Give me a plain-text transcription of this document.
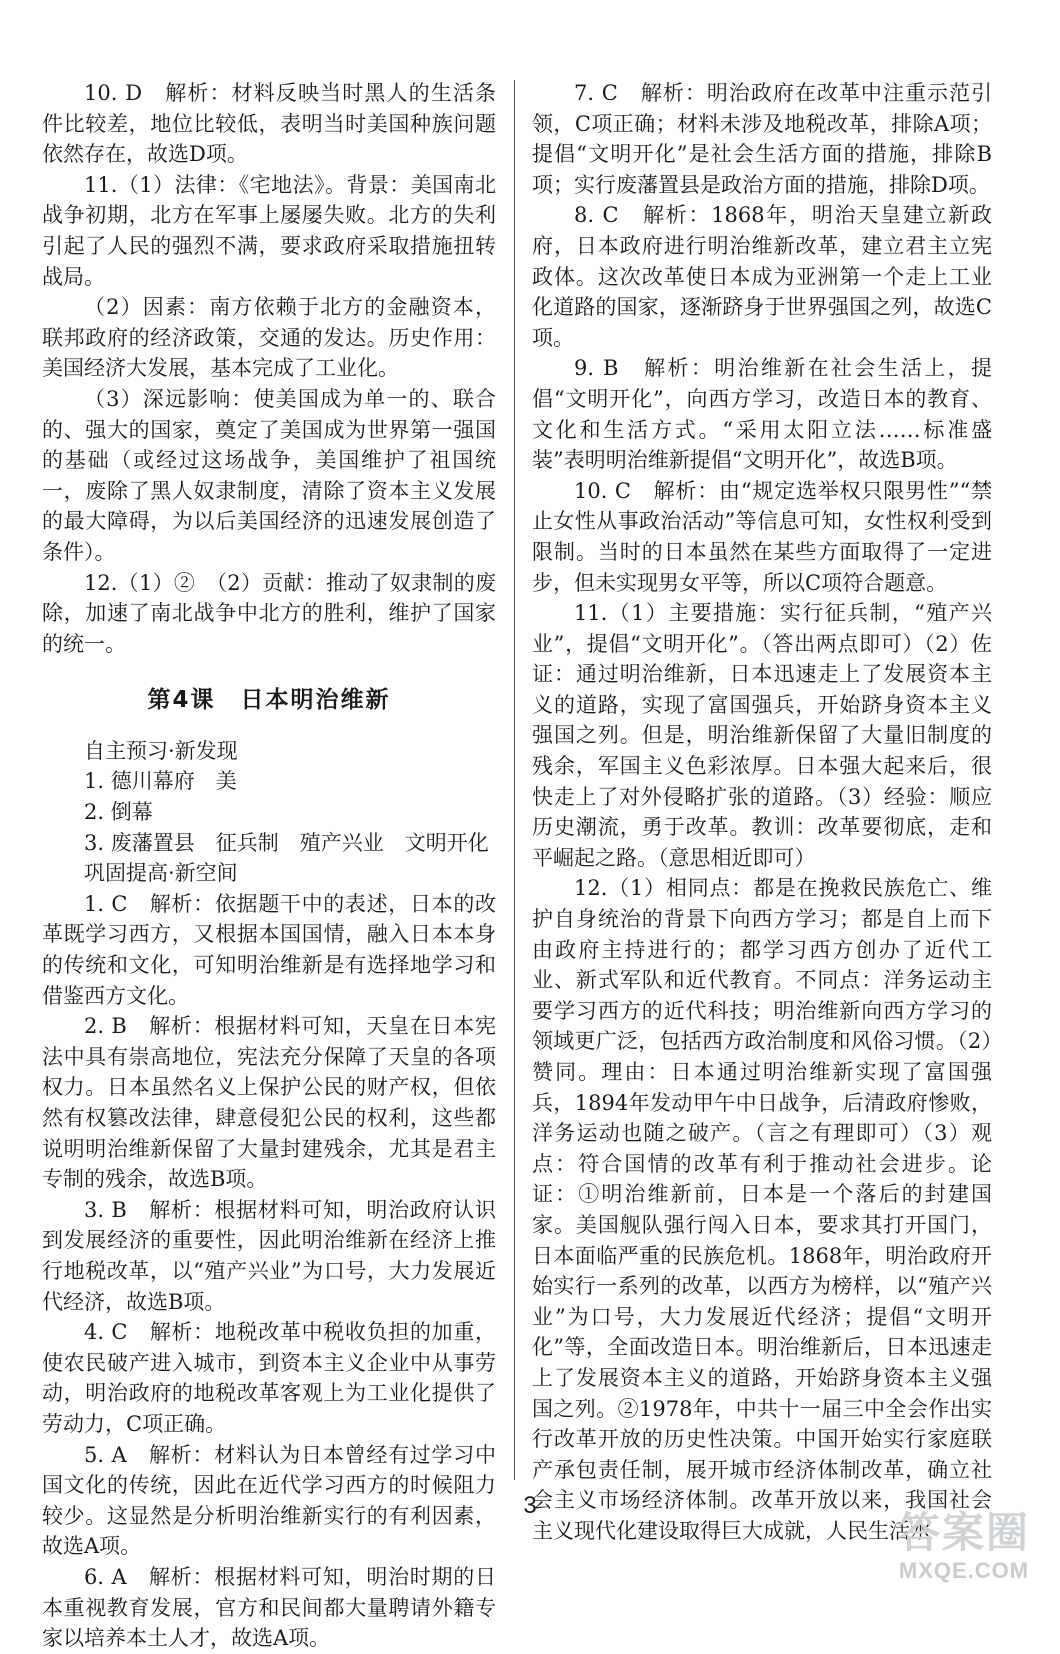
10. D　解析：材料反映当时黑人的生活条件比较差，地位比较低，表明当时美国种族问题依然存在，故选D项。

11.（1）法律：《宅地法》。背景：美国南北战争初期，北方在军事上屡屡失败。北方的失利引起了人民的强烈不满，要求政府采取措施扭转战局。

（2）因素：南方依赖于北方的金融资本，联邦政府的经济政策，交通的发达。历史作用：美国经济大发展，基本完成了工业化。

（3）深远影响：使美国成为单一的、联合的、强大的国家，奠定了美国成为世界第一强国的基础（或经过这场战争，美国维护了祖国统一，废除了黑人奴隶制度，清除了资本主义发展的最大障碍，为以后美国经济的迅速发展创造了条件）。

12.（1）②　（2）贡献：推动了奴隶制的废除，加速了南北战争中北方的胜利，维护了国家的统一。

第4课　日本明治维新

自主预习·新发现

1. 德川幕府　美

2. 倒幕

3. 废藩置县　征兵制　殖产兴业　文明开化

巩固提高·新空间

1. C　解析：依据题干中的表述，日本的改革既学习西方，又根据本国国情，融入日本本身的传统和文化，可知明治维新是有选择地学习和借鉴西方文化。

2. B　解析：根据材料可知，天皇在日本宪法中具有崇高地位，宪法充分保障了天皇的各项权力。日本虽然名义上保护公民的财产权，但依然有权篡改法律，肆意侵犯公民的权利，这些都说明明治维新保留了大量封建残余，尤其是君主专制的残余，故选B项。

3. B　解析：根据材料可知，明治政府认识到发展经济的重要性，因此明治维新在经济上推行地税改革，以“殖产兴业”为口号，大力发展近代经济，故选B项。

4. C　解析：地税改革中税收负担的加重，使农民破产进入城市，到资本主义企业中从事劳动，明治政府的地税改革客观上为工业化提供了劳动力，C项正确。

5. A　解析：材料认为日本曾经有过学习中国文化的传统，因此在近代学习西方的时候阻力较少。这显然是分析明治维新实行的有利因素，故选A项。

6. A　解析：根据材料可知，明治时期的日本重视教育发展，官方和民间都大量聘请外籍专家以培养本土人才，故选A项。

7. C　解析：明治政府在改革中注重示范引领，C项正确；材料未涉及地税改革，排除A项；提倡“文明开化”是社会生活方面的措施，排除B项；实行废藩置县是政治方面的措施，排除D项。

8. C　解析：1868年，明治天皇建立新政府，日本政府进行明治维新改革，建立君主立宪政体。这次改革使日本成为亚洲第一个走上工业化道路的国家，逐渐跻身于世界强国之列，故选C项。

9. B　解析：明治维新在社会生活上，提倡“文明开化”，向西方学习，改造日本的教育、文化和生活方式。“采用太阳立法……标准盛装”表明明治维新提倡“文明开化”，故选B项。

10. C　解析：由“规定选举权只限男性”“禁止女性从事政治活动”等信息可知，女性权利受到限制。当时的日本虽然在某些方面取得了一定进步，但未实现男女平等，所以C项符合题意。

11.（1）主要措施：实行征兵制，“殖产兴业”，提倡“文明开化”。（答出两点即可）（2）佐证：通过明治维新，日本迅速走上了发展资本主义的道路，实现了富国强兵，开始跻身资本主义强国之列。但是，明治维新保留了大量旧制度的残余，军国主义色彩浓厚。日本强大起来后，很快走上了对外侵略扩张的道路。（3）经验：顺应历史潮流，勇于改革。教训：改革要彻底，走和平崛起之路。（意思相近即可）

12.（1）相同点：都是在挽救民族危亡、维护自身统治的背景下向西方学习；都是自上而下由政府主持进行的；都学习西方创办了近代工业、新式军队和近代教育。不同点：洋务运动主要学习西方的近代科技；明治维新向西方学习的领域更广泛，包括西方政治制度和风俗习惯。（2）赞同。理由：日本通过明治维新实现了富国强兵，1894年发动甲午中日战争，后清政府惨败，洋务运动也随之破产。（言之有理即可）（3）观点：符合国情的改革有利于推动社会进步。论证：①明治维新前，日本是一个落后的封建国家。美国舰队强行闯入日本，要求其打开国门，日本面临严重的民族危机。1868年，明治政府开始实行一系列的改革，以西方为榜样，以“殖产兴业”为口号，大力发展近代经济；提倡“文明开化”等，全面改造日本。明治维新后，日本迅速走上了发展资本主义的道路，开始跻身资本主义强国之列。②1978年，中共十一届三中全会作出实行改革开放的历史性决策。中国开始实行家庭联产承包责任制，展开城市经济体制改革，确立社会主义市场经济体制。改革开放以来，我国社会主义现代化建设取得巨大成就，人民生活水

3
答案圈
MXQE.COM
